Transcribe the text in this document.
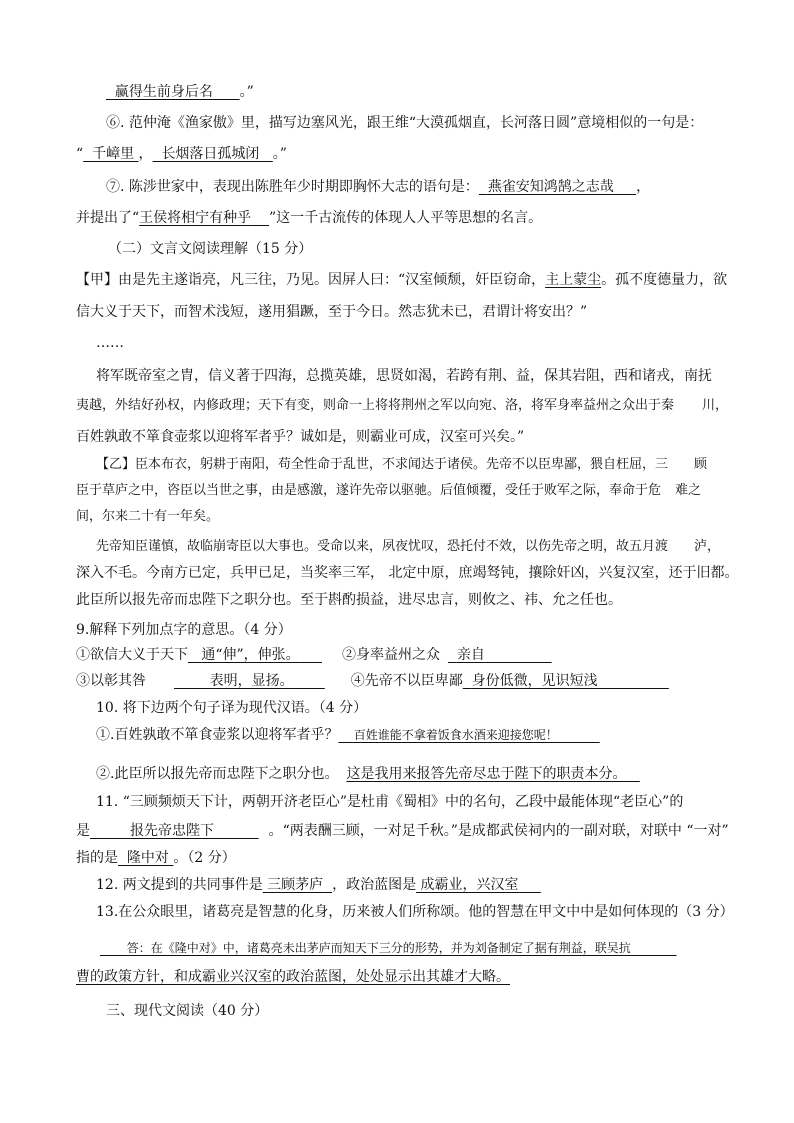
赢得生前身后名 。”
⑥. 范仲淹《渔家傲》里，描写边塞风光，跟王维“大漠孤烟直，长河落日圆”意境相似的一句是：
“ 千嶂里 ， 长烟落日孤城闭 。”
⑦. 陈涉世家中，表现出陈胜年少时期即胸怀大志的语句是： 燕雀安知鸿鹄之志哉 ，
并提出了“王侯将相宁有种乎 ”这一千古流传的体现人人平等思想的名言。
（二）文言文阅读理解（15 分）
【甲】由是先主遂诣亮，凡三往，乃见。因屏人曰：“汉室倾颓，奸臣窃命，主上蒙尘。孤不度德量力，欲
信大义于天下，而智术浅短，遂用猖蹶，至于今日。然志犹未已，君谓计将安出？”
……
将军既帝室之胄，信义著于四海，总揽英雄，思贤如渴，若跨有荆、益，保其岩阻，西和诸戎，南抚
夷越，外结好孙权，内修政理；天下有变，则命一上将将荆州之军以向宛、洛，将军身率益州之众出于秦 川，
百姓孰敢不箪食壶浆以迎将军者乎？诚如是，则霸业可成，汉室可兴矣。”
【乙】臣本布衣，躬耕于南阳，苟全性命于乱世，不求闻达于诸侯。先帝不以臣卑鄙，猥自枉屈，三 顾
臣于草庐之中，咨臣以当世之事，由是感激，遂许先帝以驱驰。后值倾覆，受任于败军之际，奉命于危 难之
间，尔来二十有一年矣。
先帝知臣谨慎，故临崩寄臣以大事也。受命以来，夙夜忧叹，恐托付不效，以伤先帝之明，故五月渡 泸，
深入不毛。今南方已定，兵甲已足，当奖率三军， 北定中原，庶竭驽钝，攘除奸凶，兴复汉室，还于旧都。
此臣所以报先帝而忠陛下之职分也。至于斟酌损益，进尽忠言，则攸之、祎、允之任也。
9.解释下列加点字的意思。（4 分）
①欲信大义于天下 通“伸”，伸张。	②身率益州之众 亲自
③以彰其咎	表明，显扬。	④先帝不以臣卑鄙 身份低微，见识短浅
10. 将下边两个句子译为现代汉语。（4 分）
①.百姓孰敢不箪食壶浆以迎将军者乎？ 百姓谁能不拿着饭食水酒来迎接您呢！
②.此臣所以报先帝而忠陛下之职分也。 这是我用来报答先帝尽忠于陛下的职责本分。
11. “三顾频烦天下计，两朝开济老臣心”是杜甫《蜀相》中的名句，乙段中最能体现“老臣心”的
是	报先帝忠陛下	。“两表酬三顾，一对足千秋。”是成都武侯祠内的一副对联，对联中 “一对”
指的是 隆中对 。（2 分）
12. 两文提到的共同事件是 三顾茅庐 ，政治蓝图是 成霸业，兴汉室
13.在公众眼里，诸葛亮是智慧的化身，历来被人们所称颂。他的智慧在甲文中中是如何体现的（3 分）
答：在《隆中对》中，诸葛亮未出茅庐而知天下三分的形势，并为刘备制定了据有荆益，联吴抗
曹的政策方针，和成霸业兴汉室的政治蓝图，处处显示出其雄才大略。
三、现代文阅读（40 分）
